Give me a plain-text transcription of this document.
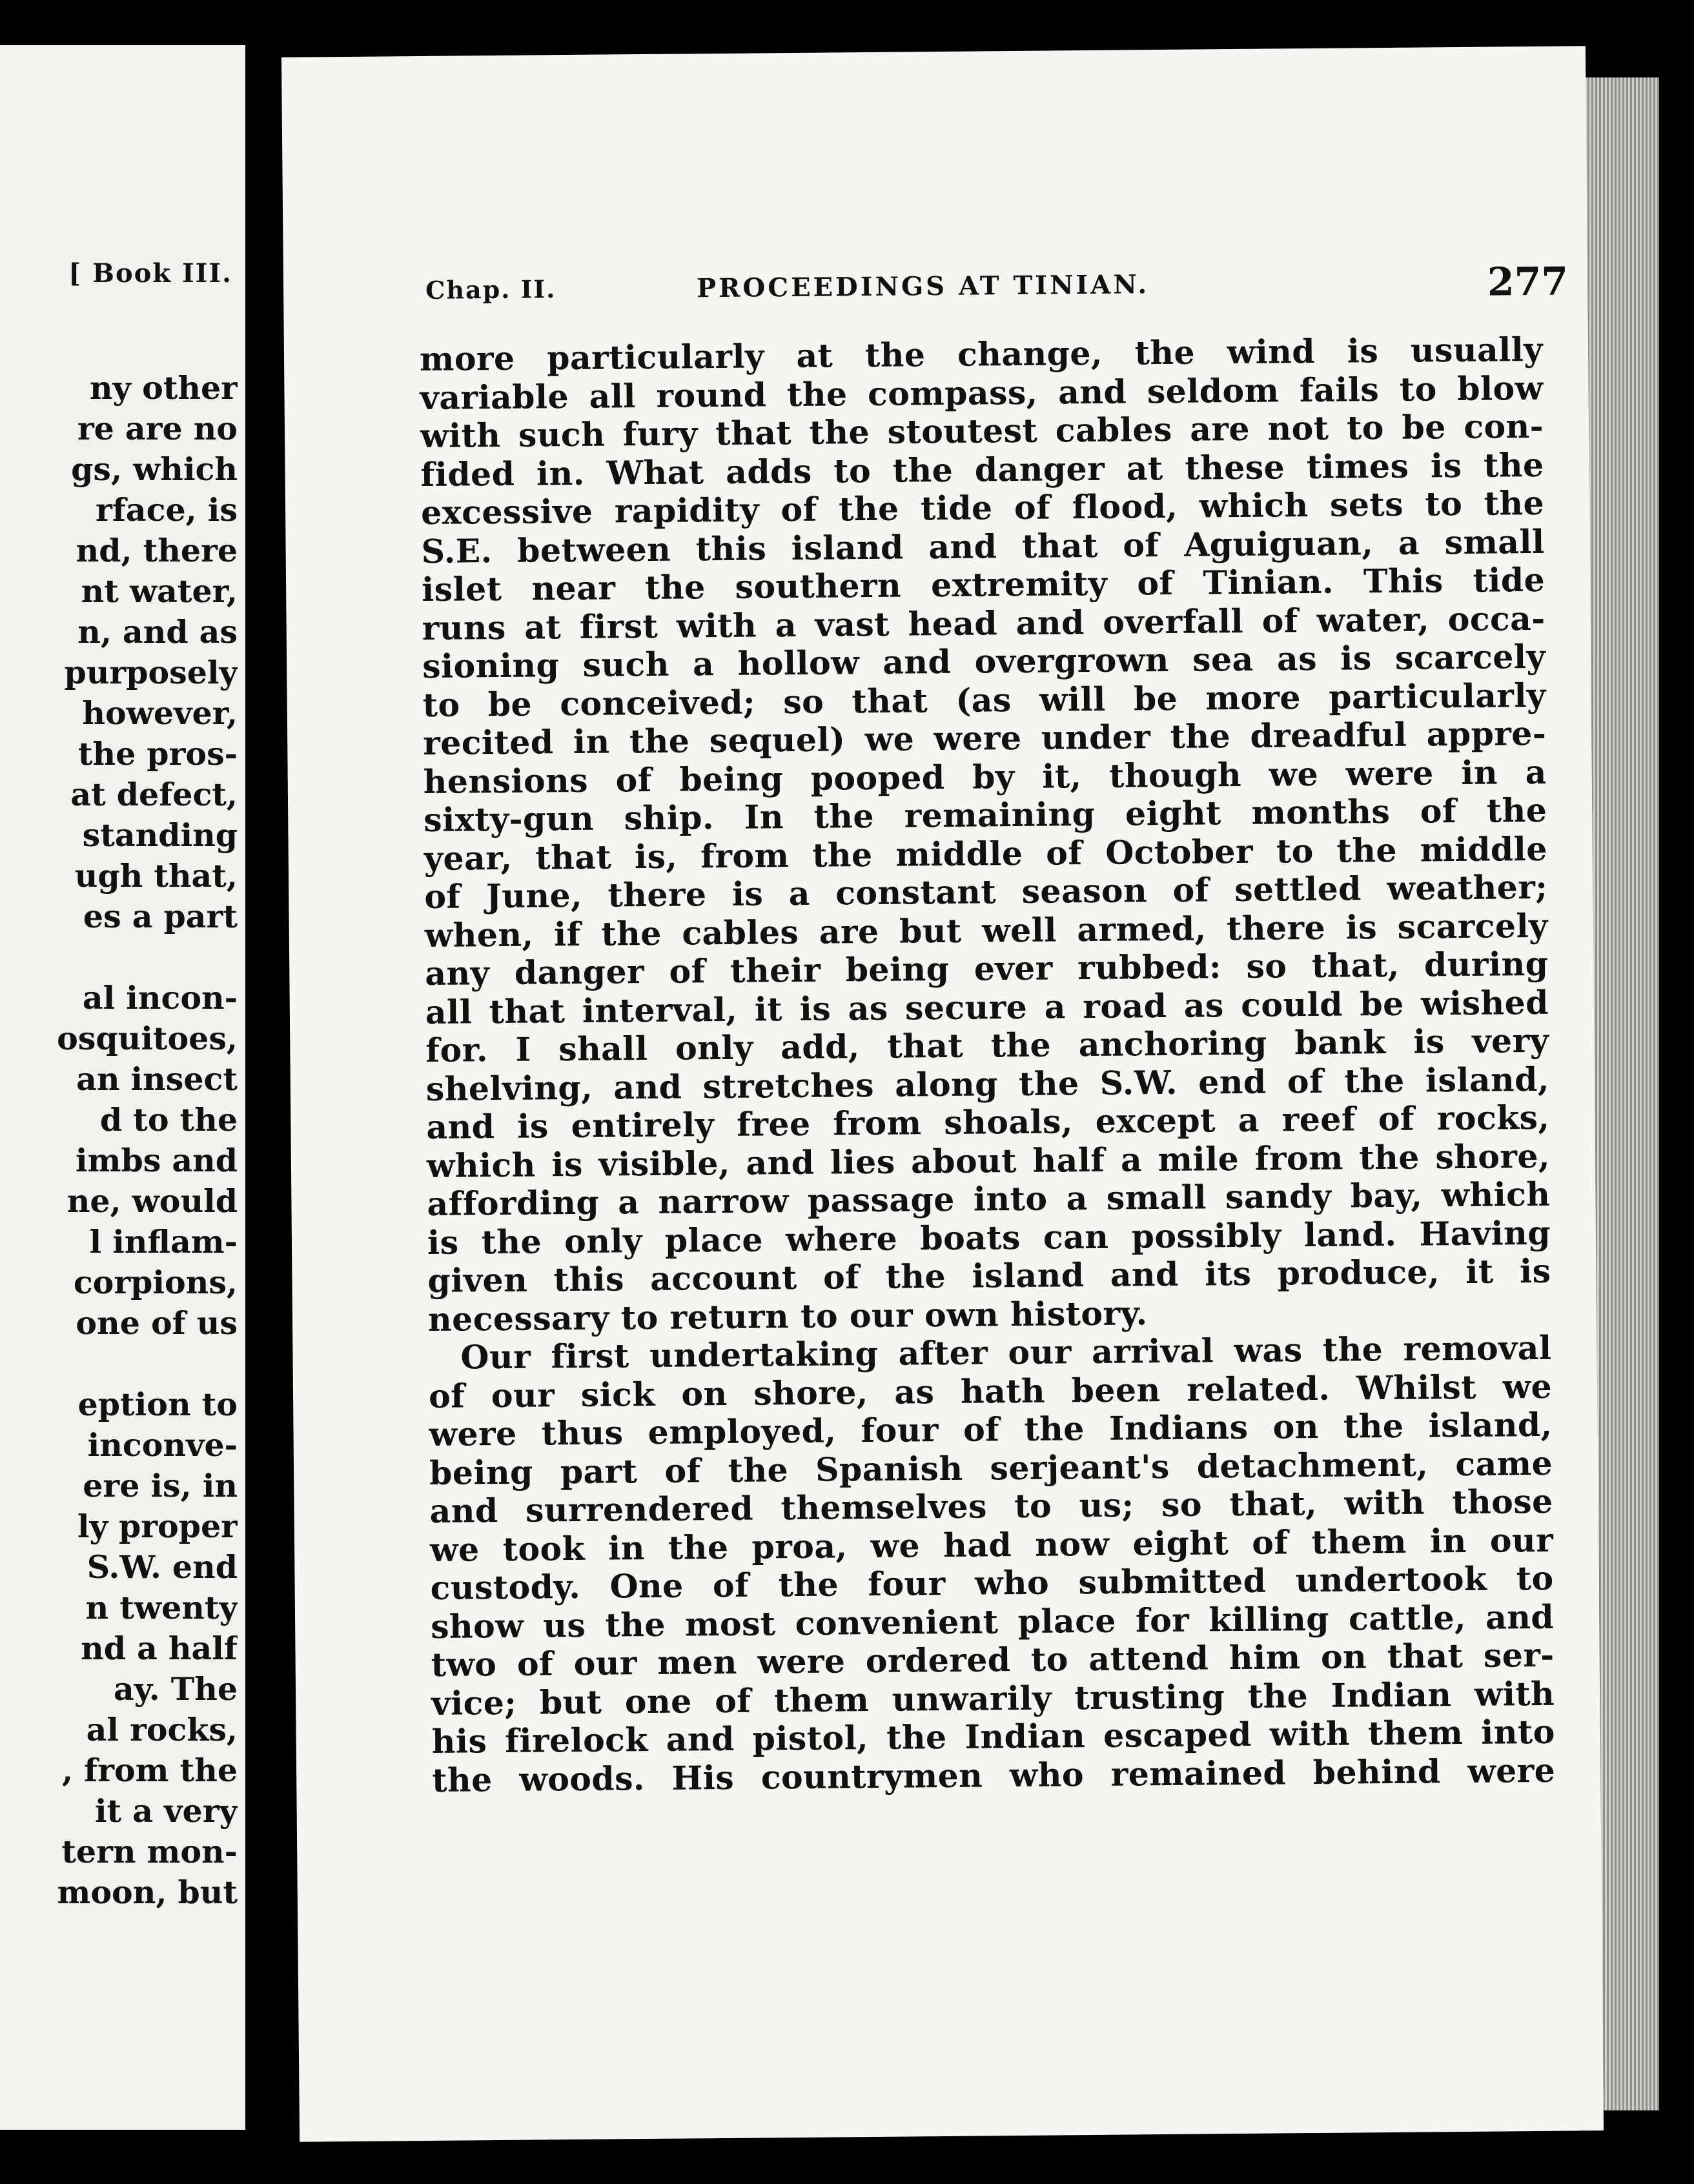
[ Book III.
ny other
re are no
gs, which
rface, is
nd, there
nt water,
n, and as
purposely
however,
the pros-
at defect,
standing
ugh that,
es a part
al incon-
osquitoes,
an insect
d to the
imbs and
ne, would
l inflam-
corpions,
one of us
eption to
inconve-
ere is, in
ly proper
S.W. end
n twenty
nd a half
ay. The
al rocks,
, from the
it a very
tern mon-
moon, but
Chap. II.	PROCEEDINGS AT TINIAN.	277
more particularly at the change, the wind is usually
variable all round the compass, and seldom fails to blow
with such fury that the stoutest cables are not to be con-
fided in. What adds to the danger at these times is the
excessive rapidity of the tide of flood, which sets to the
S.E. between this island and that of Aguiguan, a small
islet near the southern extremity of Tinian. This tide
runs at first with a vast head and overfall of water, occa-
sioning such a hollow and overgrown sea as is scarcely
to be conceived; so that (as will be more particularly
recited in the sequel) we were under the dreadful appre-
hensions of being pooped by it, though we were in a
sixty-gun ship. In the remaining eight months of the
year, that is, from the middle of October to the middle
of June, there is a constant season of settled weather;
when, if the cables are but well armed, there is scarcely
any danger of their being ever rubbed: so that, during
all that interval, it is as secure a road as could be wished
for. I shall only add, that the anchoring bank is very
shelving, and stretches along the S.W. end of the island,
and is entirely free from shoals, except a reef of rocks,
which is visible, and lies about half a mile from the shore,
affording a narrow passage into a small sandy bay, which
is the only place where boats can possibly land. Having
given this account of the island and its produce, it is
necessary to return to our own history.
Our first undertaking after our arrival was the removal
of our sick on shore, as hath been related. Whilst we
were thus employed, four of the Indians on the island,
being part of the Spanish serjeant's detachment, came
and surrendered themselves to us; so that, with those
we took in the proa, we had now eight of them in our
custody. One of the four who submitted undertook to
show us the most convenient place for killing cattle, and
two of our men were ordered to attend him on that ser-
vice; but one of them unwarily trusting the Indian with
his firelock and pistol, the Indian escaped with them into
the woods. His countrymen who remained behind were
